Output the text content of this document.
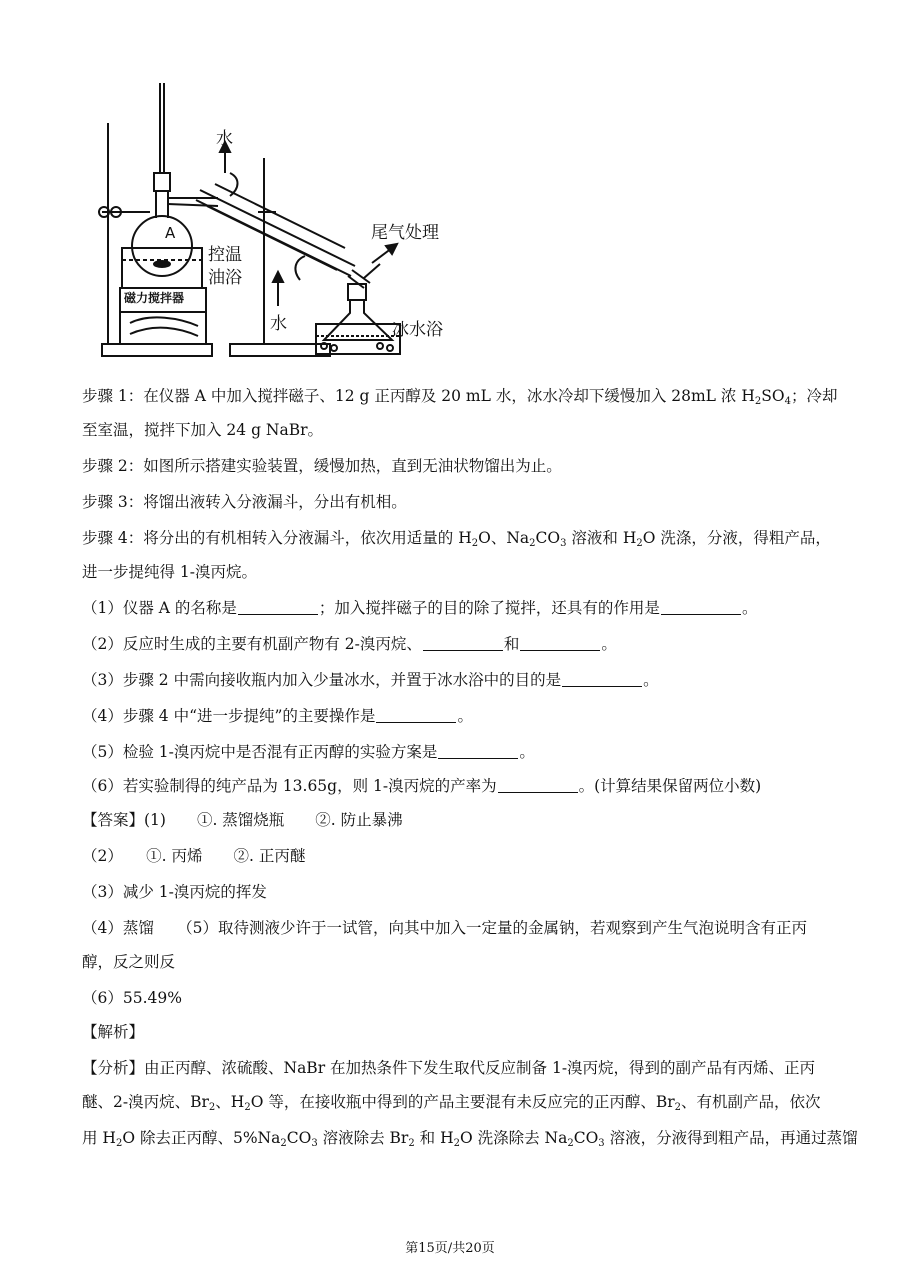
水
A
控温
油浴
磁力搅拌器
尾气处理
水	冰水浴
步骤 1：在仪器 A 中加入搅拌磁子、12 g 正丙醇及 20 mL 水，冰水冷却下缓慢加入 28mL 浓 $H_2SO_4$；冷却
至室温，搅拌下加入 24 g NaBr。
步骤 2：如图所示搭建实验装置，缓慢加热，直到无油状物馏出为止。
步骤 3：将馏出液转入分液漏斗，分出有机相。
步骤 4：将分出的有机相转入分液漏斗，依次用适量的 $H_2O$、$Na_2CO_3$ 溶液和 $H_2O$ 洗涤，分液，得粗产品，
进一步提纯得 1-溴丙烷。
（1）仪器 A 的名称是	；加入搅拌磁子的目的除了搅拌，还具有的作用是	。
（2）反应时生成的主要有机副产物有 2-溴丙烷、	和	。
（3）步骤 2 中需向接收瓶内加入少量冰水，并置于冰水浴中的目的是	。
（4）步骤 4 中“进一步提纯”的主要操作是	。
（5）检验 1-溴丙烷中是否混有正丙醇的实验方案是	。
（6）若实验制得的纯产品为 13.65g，则 1-溴丙烷的产率为	。(计算结果保留两位小数)
【答案】(1)　　①. 蒸馏烧瓶　　②. 防止暴沸
（2）　　①. 丙烯　　②. 正丙醚
（3）减少 1-溴丙烷的挥发
（4）蒸馏　　（5）取待测液少许于一试管，向其中加入一定量的金属钠，若观察到产生气泡说明含有正丙
醇，反之则反
（6）55.49%
【解析】
【分析】由正丙醇、浓硫酸、NaBr 在加热条件下发生取代反应制备 1-溴丙烷，得到的副产品有丙烯、正丙
醚、2-溴丙烷、$Br_2$、$H_2O$ 等，在接收瓶中得到的产品主要混有未反应完的正丙醇、$Br_2$、有机副产品，依次
用 $H_2O$ 除去正丙醇、$5\%Na_2CO_3$ 溶液除去 $Br_2$ 和 $H_2O$ 洗涤除去 $Na_2CO_3$ 溶液，分液得到粗产品，再通过蒸馏
第15页/共20页
